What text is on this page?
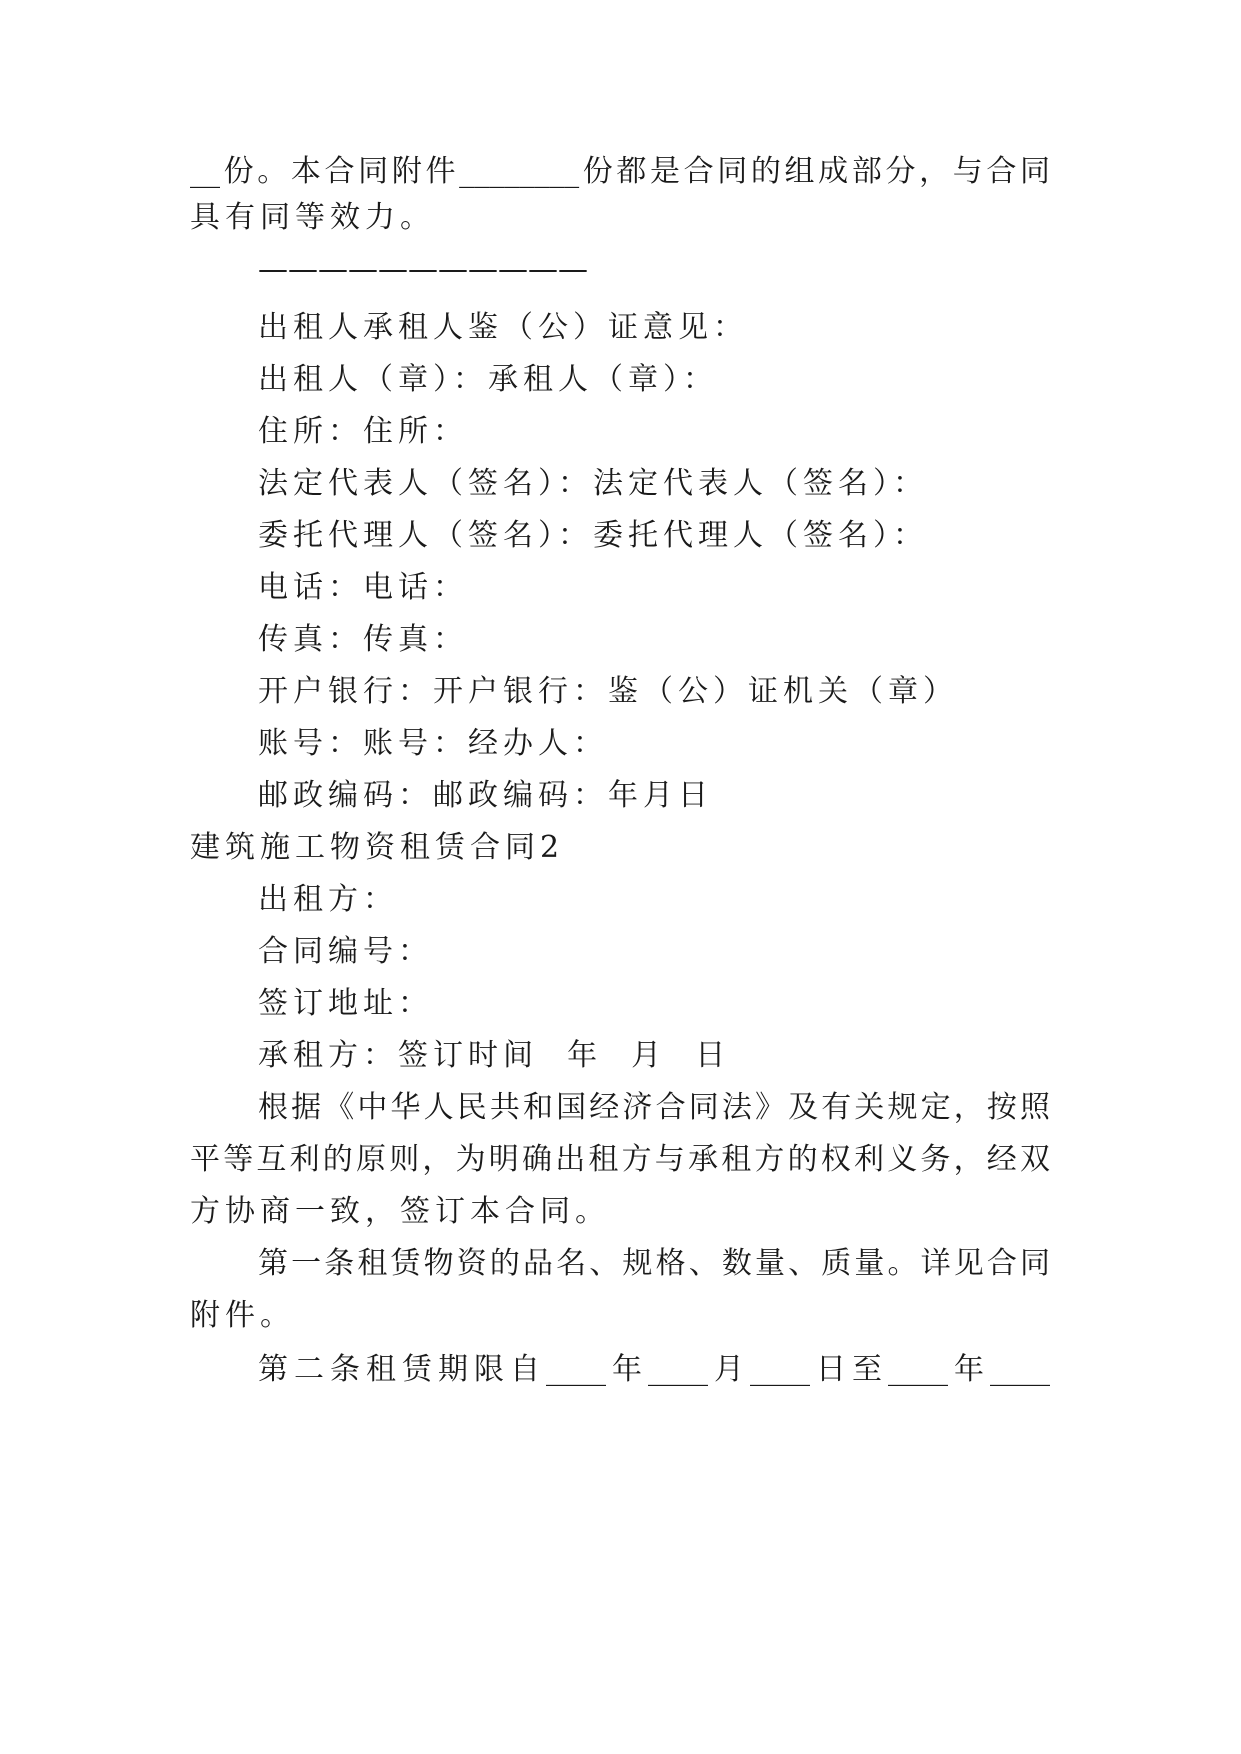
__份。本合同附件________份都是合同的组成部分，与合同
具有同等效力。
———————————
出租人承租人鉴（公）证意见：
出租人（章）：承租人（章）：
住所：住所：
法定代表人（签名）：法定代表人（签名）：
委托代理人（签名）：委托代理人（签名）：
电话：电话：
传真：传真：
开户银行：开户银行：鉴（公）证机关（章）
账号：账号：经办人：
邮政编码：邮政编码：年月日
建筑施工物资租赁合同2
出租方：
合同编号：
签订地址：
承租方：签订时间  年  月  日
根据《中华人民共和国经济合同法》及有关规定，按照
平等互利的原则，为明确出租方与承租方的权利义务，经双
方协商一致，签订本合同。
第一条租赁物资的品名、规格、数量、质量。详见合同
附件。
第二条租赁期限自____年____月____日至____年____
